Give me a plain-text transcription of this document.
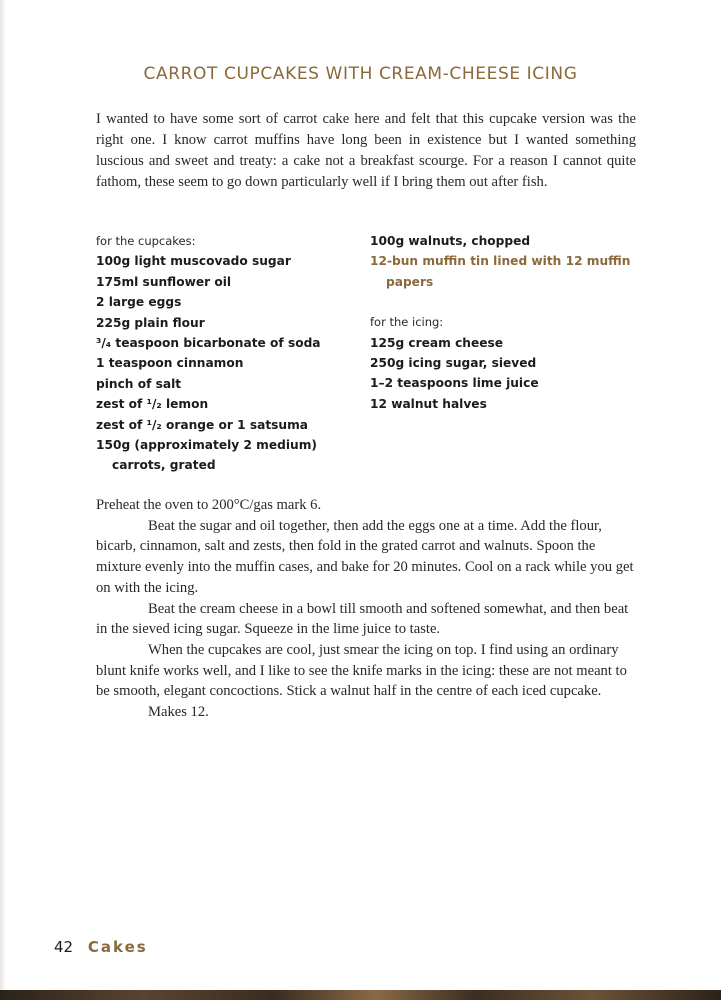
CARROT CUPCAKES WITH CREAM-CHEESE ICING
I wanted to have some sort of carrot cake here and felt that this cupcake version was the right one. I know carrot muffins have long been in existence but I wanted something luscious and sweet and treaty: a cake not a breakfast scourge. For a reason I cannot quite fathom, these seem to go down particularly well if I bring them out after fish.
for the cupcakes:
100g light muscovado sugar
175ml sunflower oil
2 large eggs
225g plain flour
³/₄ teaspoon bicarbonate of soda
1 teaspoon cinnamon
pinch of salt
zest of ¹/₂ lemon
zest of ¹/₂ orange or 1 satsuma
150g (approximately 2 medium)
carrots, grated
100g walnuts, chopped
12-bun muffin tin lined with 12 muffin
papers
for the icing:
125g cream cheese
250g icing sugar, sieved
1–2 teaspoons lime juice
12 walnut halves

Preheat the oven to 200°C/gas mark 6.

Beat the sugar and oil together, then add the eggs one at a time. Add the flour, bicarb, cinnamon, salt and zests, then fold in the grated carrot and walnuts. Spoon the mixture evenly into the muffin cases, and bake for 20 minutes. Cool on a rack while you get on with the icing.

Beat the cream cheese in a bowl till smooth and softened somewhat, and then beat in the sieved icing sugar. Squeeze in the lime juice to taste.

When the cupcakes are cool, just smear the icing on top. I find using an ordinary blunt knife works well, and I like to see the knife marks in the icing: these are not meant to be smooth, elegant concoctions. Stick a walnut half in the centre of each iced cupcake.

Makes 12.

42 Cakes
